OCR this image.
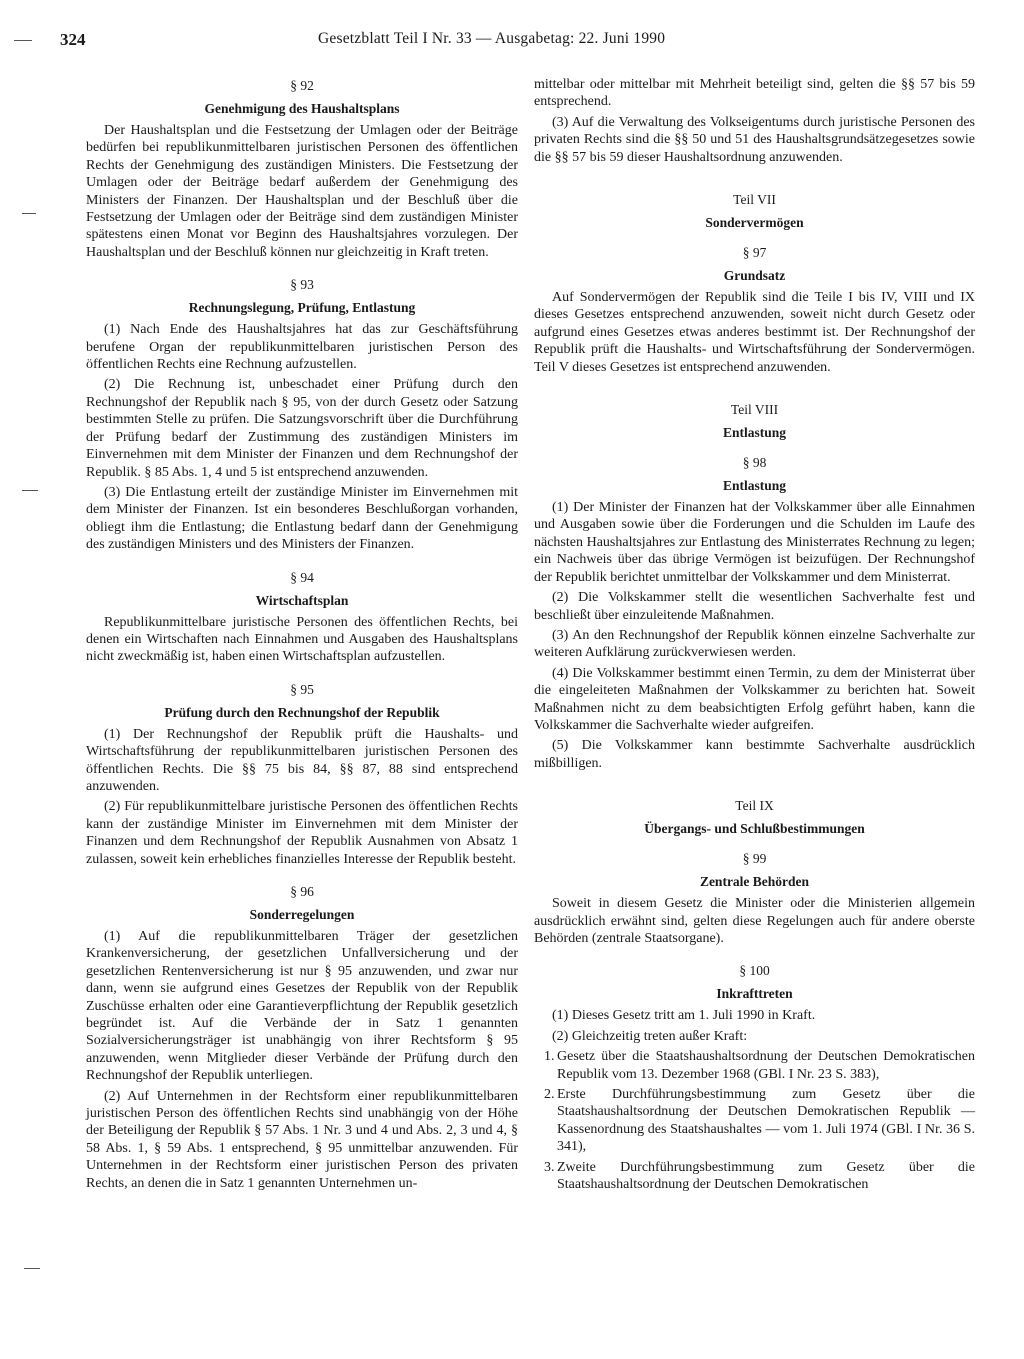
324	Gesetzblatt Teil I Nr. 33 — Ausgabetag: 22. Juni 1990

§ 92

Genehmigung des Haushaltsplans

Der Haushaltsplan und die Festsetzung der Umlagen oder der Beiträge bedürfen bei republikunmittelbaren juristischen Personen des öffentlichen Rechts der Genehmigung des zuständigen Ministers. Die Festsetzung der Umlagen oder der Beiträge bedarf außerdem der Genehmigung des Ministers der Finanzen. Der Haushaltsplan und der Beschluß über die Festsetzung der Umlagen oder der Beiträge sind dem zuständigen Minister spätestens einen Monat vor Beginn des Haushaltsjahres vorzulegen. Der Haushaltsplan und der Beschluß können nur gleichzeitig in Kraft treten.

§ 93

Rechnungslegung, Prüfung, Entlastung

(1) Nach Ende des Haushaltsjahres hat das zur Geschäftsführung berufene Organ der republikunmittelbaren juristischen Person des öffentlichen Rechts eine Rechnung aufzustellen.

(2) Die Rechnung ist, unbeschadet einer Prüfung durch den Rechnungshof der Republik nach § 95, von der durch Gesetz oder Satzung bestimmten Stelle zu prüfen. Die Satzungsvorschrift über die Durchführung der Prüfung bedarf der Zustimmung des zuständigen Ministers im Einvernehmen mit dem Minister der Finanzen und dem Rechnungshof der Republik. § 85 Abs. 1, 4 und 5 ist entsprechend anzuwenden.

(3) Die Entlastung erteilt der zuständige Minister im Einvernehmen mit dem Minister der Finanzen. Ist ein besonderes Beschlußorgan vorhanden, obliegt ihm die Entlastung; die Entlastung bedarf dann der Genehmigung des zuständigen Ministers und des Ministers der Finanzen.

§ 94

Wirtschaftsplan

Republikunmittelbare juristische Personen des öffentlichen Rechts, bei denen ein Wirtschaften nach Einnahmen und Ausgaben des Haushaltsplans nicht zweckmäßig ist, haben einen Wirtschaftsplan aufzustellen.

§ 95

Prüfung durch den Rechnungshof der Republik

(1) Der Rechnungshof der Republik prüft die Haushalts- und Wirtschaftsführung der republikunmittelbaren juristischen Personen des öffentlichen Rechts. Die §§ 75 bis 84, §§ 87, 88 sind entsprechend anzuwenden.

(2) Für republikunmittelbare juristische Personen des öffentlichen Rechts kann der zuständige Minister im Einvernehmen mit dem Minister der Finanzen und dem Rechnungshof der Republik Ausnahmen von Absatz 1 zulassen, soweit kein erhebliches finanzielles Interesse der Republik besteht.

§ 96

Sonderregelungen

(1) Auf die republikunmittelbaren Träger der gesetzlichen Krankenversicherung, der gesetzlichen Unfallversicherung und der gesetzlichen Rentenversicherung ist nur § 95 anzuwenden, und zwar nur dann, wenn sie aufgrund eines Gesetzes der Republik von der Republik Zuschüsse erhalten oder eine Garantieverpflichtung der Republik gesetzlich begründet ist. Auf die Verbände der in Satz 1 genannten Sozialversicherungsträger ist unabhängig von ihrer Rechtsform § 95 anzuwenden, wenn Mitglieder dieser Verbände der Prüfung durch den Rechnungshof der Republik unterliegen.

(2) Auf Unternehmen in der Rechtsform einer republikunmittelbaren juristischen Person des öffentlichen Rechts sind unabhängig von der Höhe der Beteiligung der Republik § 57 Abs. 1 Nr. 3 und 4 und Abs. 2, 3 und 4, § 58 Abs. 1, § 59 Abs. 1 entsprechend, § 95 unmittelbar anzuwenden. Für Unternehmen in der Rechtsform einer juristischen Person des privaten Rechts, an denen die in Satz 1 genannten Unternehmen un-

mittelbar oder mittelbar mit Mehrheit beteiligt sind, gelten die §§ 57 bis 59 entsprechend.

(3) Auf die Verwaltung des Volkseigentums durch juristische Personen des privaten Rechts sind die §§ 50 und 51 des Haushaltsgrundsätzegesetzes sowie die §§ 57 bis 59 dieser Haushaltsordnung anzuwenden.

Teil VII

Sondervermögen

§ 97

Grundsatz

Auf Sondervermögen der Republik sind die Teile I bis IV, VIII und IX dieses Gesetzes entsprechend anzuwenden, soweit nicht durch Gesetz oder aufgrund eines Gesetzes etwas anderes bestimmt ist. Der Rechnungshof der Republik prüft die Haushalts- und Wirtschaftsführung der Sondervermögen. Teil V dieses Gesetzes ist entsprechend anzuwenden.

Teil VIII

Entlastung

§ 98

Entlastung

(1) Der Minister der Finanzen hat der Volkskammer über alle Einnahmen und Ausgaben sowie über die Forderungen und die Schulden im Laufe des nächsten Haushaltsjahres zur Entlastung des Ministerrates Rechnung zu legen; ein Nachweis über das übrige Vermögen ist beizufügen. Der Rechnungshof der Republik berichtet unmittelbar der Volkskammer und dem Ministerrat.

(2) Die Volkskammer stellt die wesentlichen Sachverhalte fest und beschließt über einzuleitende Maßnahmen.

(3) An den Rechnungshof der Republik können einzelne Sachverhalte zur weiteren Aufklärung zurückverwiesen werden.

(4) Die Volkskammer bestimmt einen Termin, zu dem der Ministerrat über die eingeleiteten Maßnahmen der Volkskammer zu berichten hat. Soweit Maßnahmen nicht zu dem beabsichtigten Erfolg geführt haben, kann die Volkskammer die Sachverhalte wieder aufgreifen.

(5) Die Volkskammer kann bestimmte Sachverhalte ausdrücklich mißbilligen.

Teil IX

Übergangs- und Schlußbestimmungen

§ 99

Zentrale Behörden

Soweit in diesem Gesetz die Minister oder die Ministerien allgemein ausdrücklich erwähnt sind, gelten diese Regelungen auch für andere oberste Behörden (zentrale Staatsorgane).

§ 100

Inkrafttreten

(1) Dieses Gesetz tritt am 1. Juli 1990 in Kraft.

(2) Gleichzeitig treten außer Kraft:

1. Gesetz über die Staatshaushaltsordnung der Deutschen Demokratischen Republik vom 13. Dezember 1968 (GBl. I Nr. 23 S. 383),
2. Erste Durchführungsbestimmung zum Gesetz über die Staatshaushaltsordnung der Deutschen Demokratischen Republik — Kassenordnung des Staatshaushaltes — vom 1. Juli 1974 (GBl. I Nr. 36 S. 341),
3. Zweite Durchführungsbestimmung zum Gesetz über die Staatshaushaltsordnung der Deutschen Demokratischen
